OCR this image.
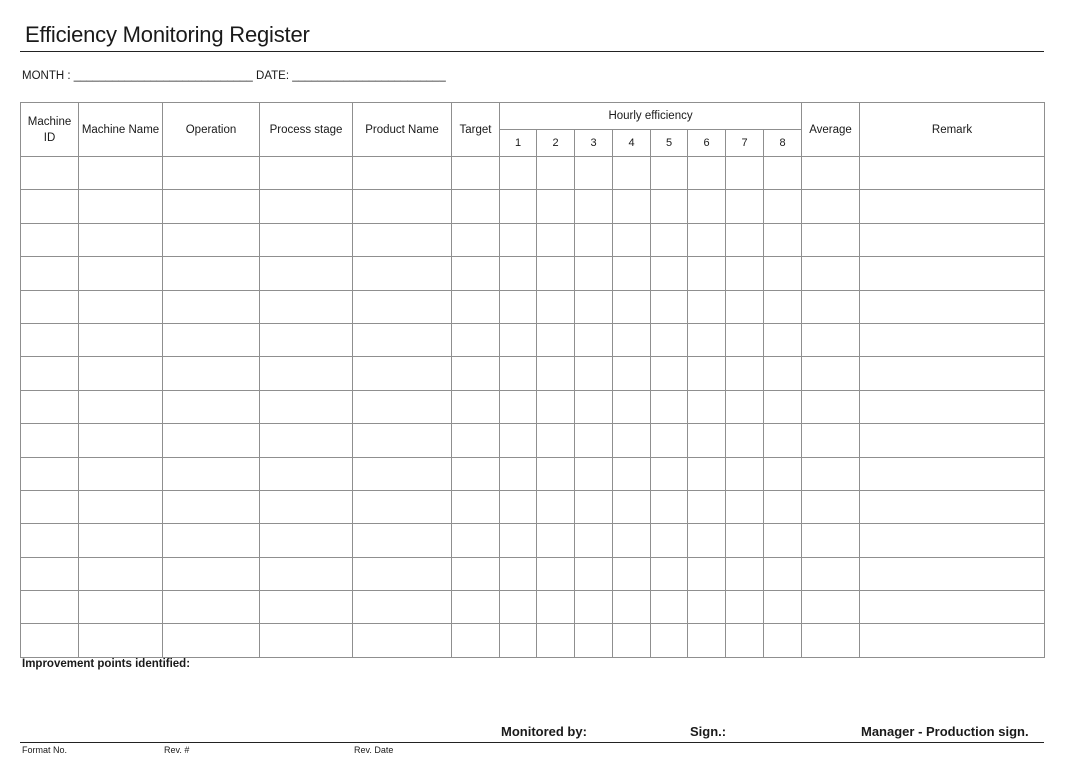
Efficiency Monitoring Register
MONTH : ____________________________ DATE: ________________________
Machine ID	Machine Name	Operation	Process stage	Product Name	Target	Hourly efficiency								Average	Remark
						1	2	3	4	5	6	7	8		

Improvement points identified:
Monitored by:	Sign.:	Manager - Production sign.
Format No.	Rev. #	Rev. Date
